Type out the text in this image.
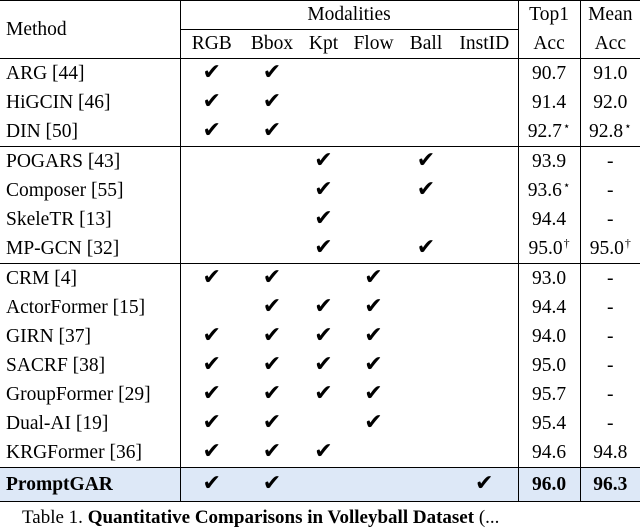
Method	Modalities						Top1	Mean
	RGB	Bbox	Kpt	Flow	Ball	InstID	Acc	Acc
ARG [44]	✔	✔					90.7	91.0
HiGCIN [46]	✔	✔					91.4	92.0
DIN [50]	✔	✔					92.7⋆	92.8⋆
POGARS [43]			✔		✔		93.9	-
Composer [55]			✔		✔		93.6⋆	-
SkeleTR [13]			✔				94.4	-
MP-GCN [32]			✔		✔		95.0†	95.0†
CRM [4]	✔	✔		✔			93.0	-
ActorFormer [15]		✔	✔	✔			94.4	-
GIRN [37]	✔	✔	✔	✔			94.0	-
SACRF [38]	✔	✔	✔	✔			95.0	-
GroupFormer [29]	✔	✔	✔	✔			95.7	-
Dual-AI [19]	✔	✔		✔			95.4	-
KRGFormer [36]	✔	✔	✔				94.6	94.8
PromptGAR	✔	✔				✔	96.0	96.3
Table 1. Quantitative Comparisons in Volleyball Dataset (...
